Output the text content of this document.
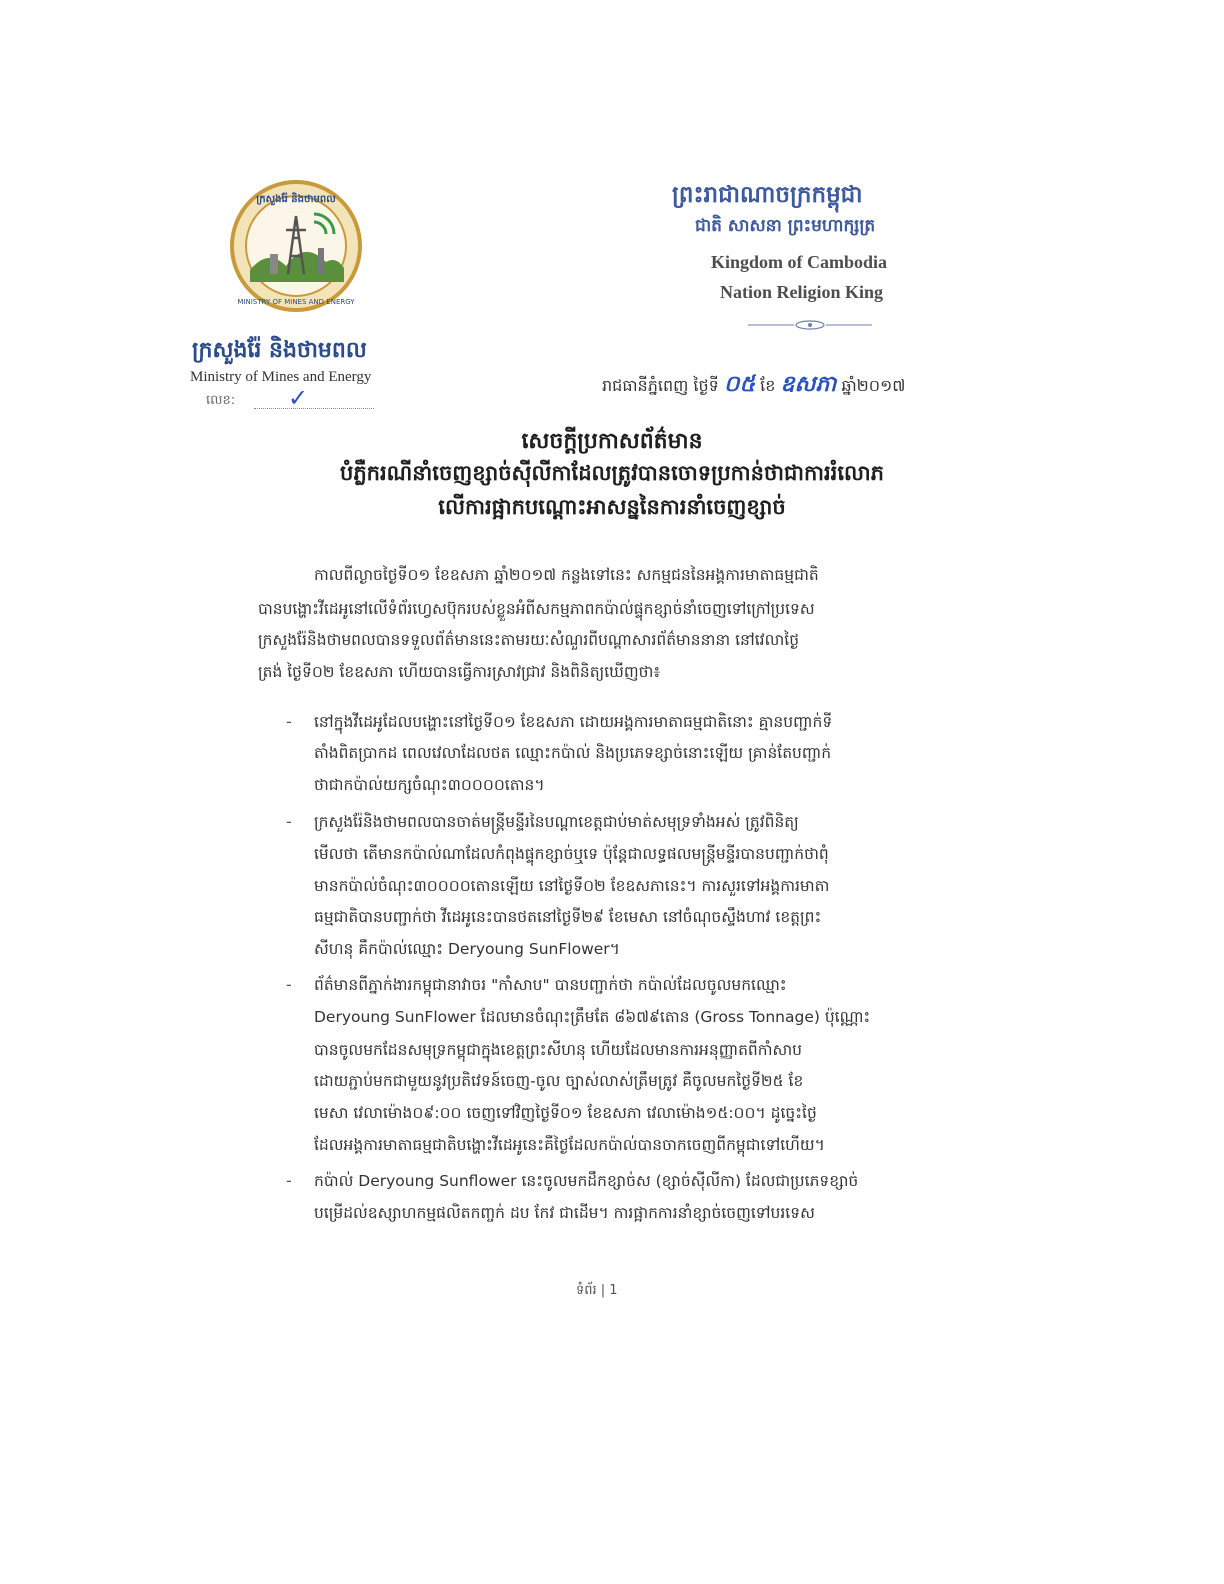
ក្រសួងរ៉ែ និងថាមពល
MINISTRY OF MINES AND ENERGY
ក្រសួងរ៉ែ និងថាមពល
Ministry of Mines and Energy
លេខ: ✓
ព្រះរាជាណាចក្រកម្ពុជា
ជាតិ សាសនា ព្រះមហាក្សត្រ
Kingdom of Cambodia
Nation Religion King
រាជធានីភ្នំពេញ ថ្ងៃទី ០៥ ខែ ឧសភា ឆ្នាំ២០១៧
សេចក្ដីប្រកាសព័ត៌មាន
បំភ្លឺករណីនាំចេញខ្សាច់ស៊ីលីកាដែលត្រូវបានចោទប្រកាន់ថាជាការរំលោភ
លើការផ្អាកបណ្ដោះអាសន្ននៃការនាំចេញខ្សាច់
កាលពីល្ងាចថ្ងៃទី០១ ខែឧសភា ឆ្នាំ២០១៧ កន្លងទៅនេះ សកម្មជននៃអង្គការមាតាធម្មជាតិ
បានបង្ហោះវីដេអូនៅលើទំព័រហ្វេសប៊ុករបស់ខ្លួនអំពីសកម្មភាពកប៉ាល់ផ្ទុកខ្សាច់នាំចេញទៅក្រៅប្រទេស
ក្រសួងរ៉ែនិងថាមពលបានទទួលព័ត៌មាននេះតាមរយៈសំណួរពីបណ្ដាសារព័ត៌មាននានា នៅវេលាថ្ងៃ
ត្រង់ ថ្ងៃទី០២ ខែឧសភា ហើយបានធ្វើការស្រាវជ្រាវ និងពិនិត្យឃើញថា៖
- នៅក្នុងវីដេអូដែលបង្ហោះនៅថ្ងៃទី០១ ខែឧសភា ដោយអង្គការមាតាធម្មជាតិនោះ គ្មានបញ្ជាក់ទី
តាំងពិតប្រាកដ ពេលវេលាដែលថត ឈ្មោះកប៉ាល់ និងប្រភេទខ្សាច់នោះឡើយ គ្រាន់តែបញ្ជាក់
ថាជាកប៉ាល់យក្សចំណុះ៣០០០០តោន។
- ក្រសួងរ៉ែនិងថាមពលបានចាត់មន្ត្រីមន្ទីរនៃបណ្ដាខេត្តជាប់មាត់សមុទ្រទាំងអស់ ត្រូវពិនិត្យ
មើលថា តើមានកប៉ាល់ណាដែលកំពុងផ្ទុកខ្សាច់ឬទេ ប៉ុន្តែជាលទ្ធផលមន្ត្រីមន្ទីរបានបញ្ជាក់ថាពុំ
មានកប៉ាល់ចំណុះ៣០០០០តោនឡើយ នៅថ្ងៃទី០២ ខែឧសភានេះ។ ការសួរទៅអង្គការមាតា
ធម្មជាតិបានបញ្ជាក់ថា វីដេអូនេះបានថតនៅថ្ងៃទី២៩ ខែមេសា នៅចំណុចស្ទឹងហាវ ខេត្តព្រះ
សីហនុ គឺកប៉ាល់ឈ្មោះ Deryoung SunFlower។
- ព័ត៌មានពីភ្នាក់ងារកម្ពុជានាវាចរ "កាំសាប" បានបញ្ជាក់ថា កប៉ាល់ដែលចូលមកឈ្មោះ
Deryoung SunFlower ដែលមានចំណុះត្រឹមតែ ៨៦៧៩តោន (Gross Tonnage) ប៉ុណ្ណោះ
បានចូលមកដែនសមុទ្រកម្ពុជាក្នុងខេត្តព្រះសីហនុ ហើយដែលមានការអនុញ្ញាតពីកាំសាប
ដោយភ្ជាប់មកជាមួយនូវប្រតិវេទន៍ចេញ-ចូល ច្បាស់លាស់ត្រឹមត្រូវ គឺចូលមកថ្ងៃទី២៥ ខែ
មេសា វេលាម៉ោង០៩:០០ ចេញទៅវិញថ្ងៃទី០១ ខែឧសភា វេលាម៉ោង១៥:០០។ ដូច្នេះថ្ងៃ
ដែលអង្គការមាតាធម្មជាតិបង្ហោះវីដេអូនេះគឺថ្ងៃដែលកប៉ាល់បានចាកចេញពីកម្ពុជាទៅហើយ។
- កប៉ាល់ Deryoung Sunflower នេះចូលមកដឹកខ្សាច់ស (ខ្សាច់ស៊ីលីកា) ដែលជាប្រភេទខ្សាច់
បម្រើដល់ឧស្សាហកម្មផលិតកញ្ចក់ ដប កែវ ជាដើម។ ការផ្អាកការនាំខ្សាច់ចេញទៅបរទេស
ទំព័រ | 1
